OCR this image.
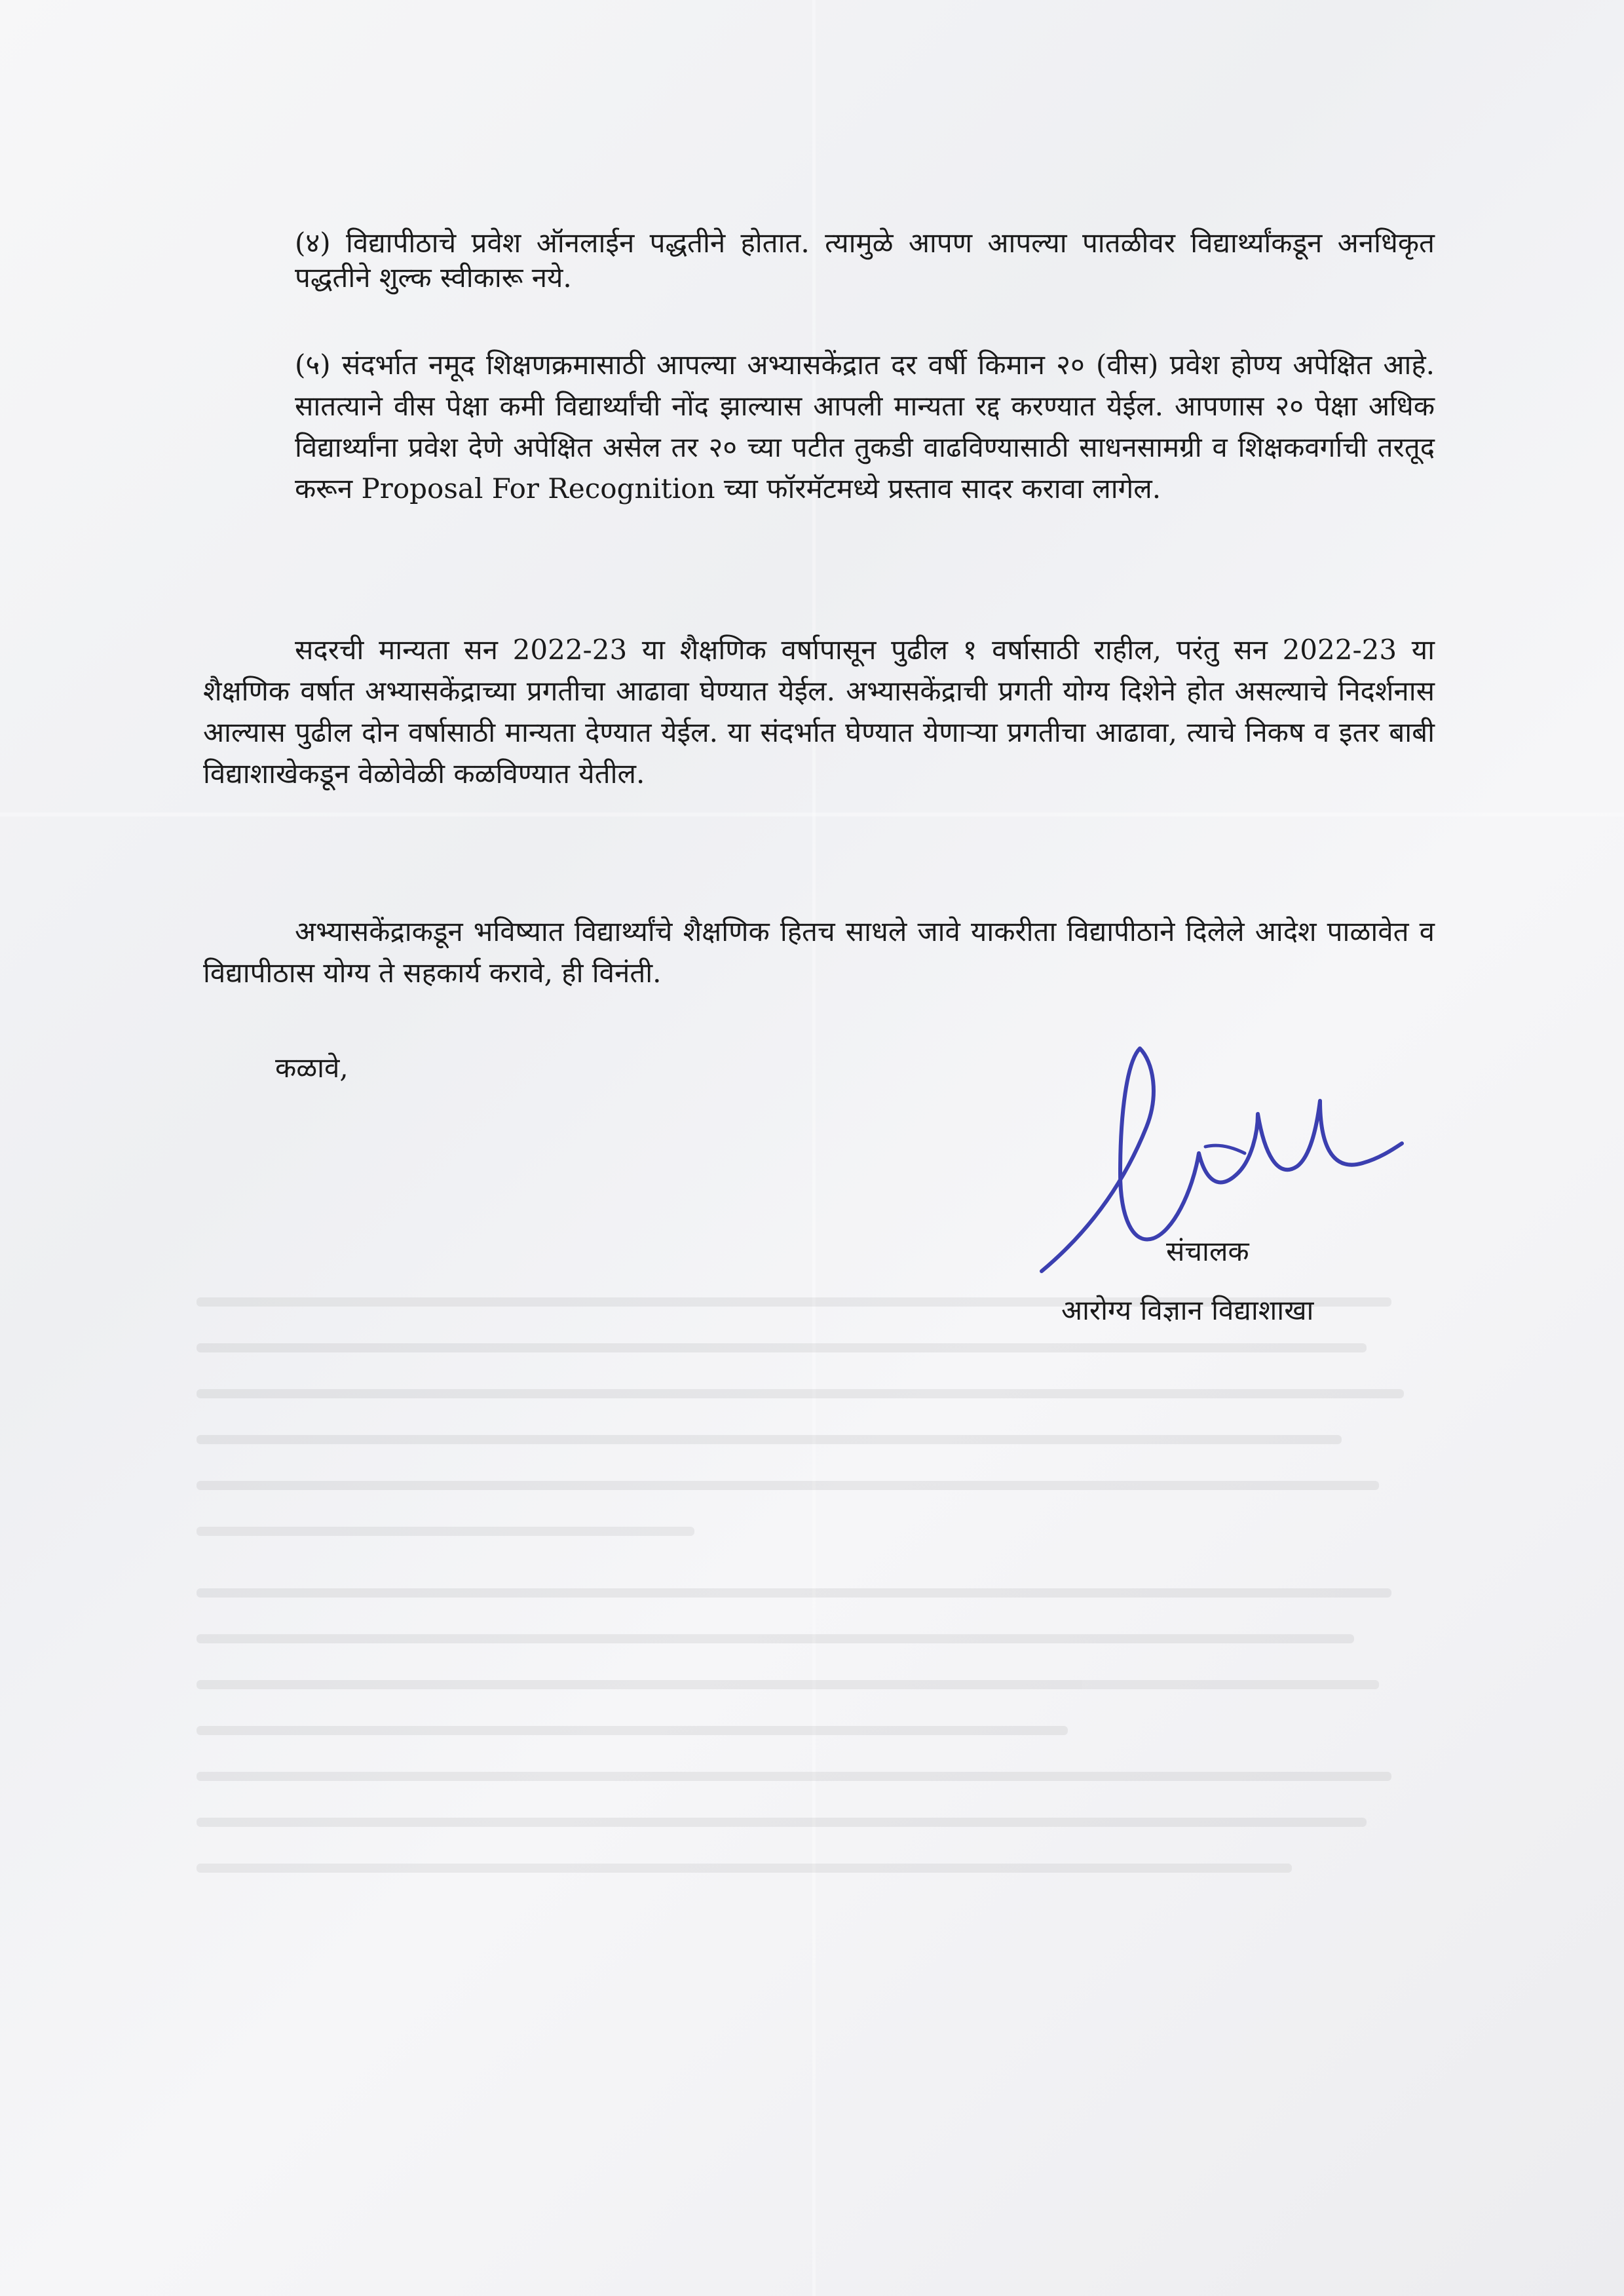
(४) विद्यापीठाचे प्रवेश ऑनलाईन पद्धतीने होतात. त्यामुळे आपण आपल्या पातळीवर विद्यार्थ्यांकडून अनधिकृत पद्धतीने शुल्क स्वीकारू नये.
(५) संदर्भात नमूद शिक्षणक्रमासाठी आपल्या अभ्यासकेंद्रात दर वर्षी किमान २० (वीस) प्रवेश होण्य अपेक्षित आहे. सातत्याने वीस पेक्षा कमी विद्यार्थ्यांची नोंद झाल्यास आपली मान्यता रद्द करण्यात येईल. आपणास २० पेक्षा अधिक विद्यार्थ्यांना प्रवेश देणे अपेक्षित असेल तर २० च्या पटीत तुकडी वाढविण्यासाठी साधनसामग्री व शिक्षकवर्गाची तरतूद करून Proposal For Recognition च्या फॉरमॅटमध्ये प्रस्ताव सादर करावा लागेल.
सदरची मान्यता सन 2022-23 या शैक्षणिक वर्षापासून पुढील १ वर्षासाठी राहील, परंतु सन 2022-23 या शैक्षणिक वर्षात अभ्यासकेंद्राच्या प्रगतीचा आढावा घेण्यात येईल. अभ्यासकेंद्राची प्रगती योग्य दिशेने होत असल्याचे निदर्शनास आल्यास पुढील दोन वर्षासाठी मान्यता देण्यात येईल. या संदर्भात घेण्यात येणाऱ्या प्रगतीचा आढावा, त्याचे निकष व इतर बाबी विद्याशाखेकडून वेळोवेळी कळविण्यात येतील.
अभ्यासकेंद्राकडून भविष्यात विद्यार्थ्यांचे शैक्षणिक हितच साधले जावे याकरीता विद्यापीठाने दिलेले आदेश पाळावेत व विद्यापीठास योग्य ते सहकार्य करावे, ही विनंती.
कळावे,
संचालक
आरोग्य विज्ञान विद्याशाखा
